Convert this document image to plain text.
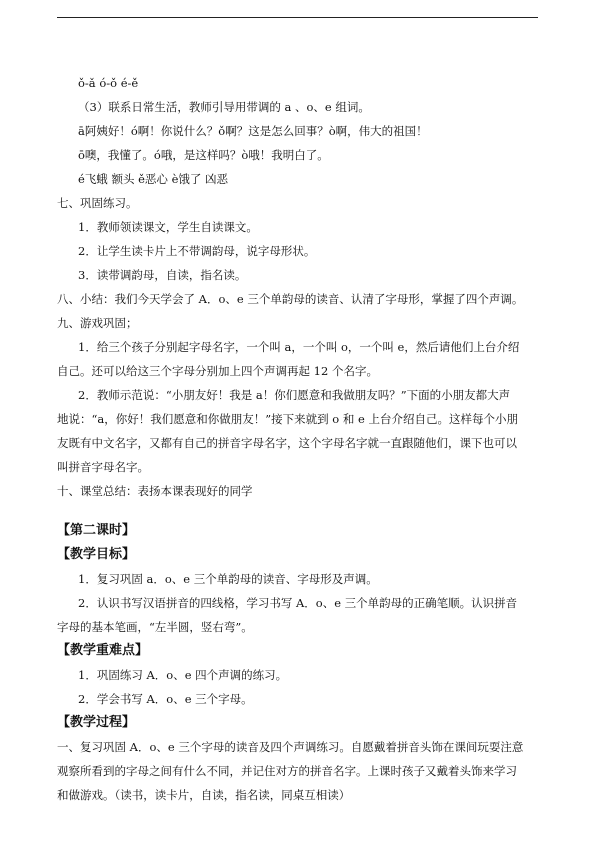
ǒ-ǎ ó-ǒ é-ě
（3）联系日常生活，教师引导用带调的 a 、o、e 组词。
ā阿姨好！ó啊！你说什么？ǒ啊？这是怎么回事？ò啊，伟大的祖国！
ō噢，我懂了。ó哦，是这样吗？ò哦！我明白了。
é飞蛾 额头 ě恶心 è饿了 凶恶
七、巩固练习。
1．教师领读课文，学生自读课文。
2．让学生读卡片上不带调韵母，说字母形状。
3．读带调韵母，自读，指名读。
八、小结：我们今天学会了 A．o、e 三个单韵母的读音、认清了字母形，掌握了四个声调。
九、游戏巩固；
1．给三个孩子分别起字母名字，一个叫 a，一个叫 o，一个叫 e，然后请他们上台介绍
自己。还可以给这三个字母分别加上四个声调再起 12 个名字。
2．教师示范说：“小朋友好！我是 a！你们愿意和我做朋友吗？”下面的小朋友都大声
地说：“a，你好！我们愿意和你做朋友！”接下来就到 o 和 e 上台介绍自己。这样每个小朋
友既有中文名字，又都有自己的拼音字母名字，这个字母名字就一直跟随他们，课下也可以
叫拼音字母名字。
十、课堂总结：表扬本课表现好的同学
【第二课时】
【教学目标】
1．复习巩固 a．o、e 三个单韵母的读音、字母形及声调。
2．认识书写汉语拼音的四线格，学习书写 A．o、e 三个单韵母的正确笔顺。认识拼音
字母的基本笔画，“左半圆，竖右弯”。
【教学重难点】
1．巩固练习 A．o、e 四个声调的练习。
2．学会书写 A．o、e 三个字母。
【教学过程】
一、复习巩固 A．o、e 三个字母的读音及四个声调练习。自愿戴着拼音头饰在课间玩耍注意
观察所看到的字母之间有什么不同，并记住对方的拼音名字。上课时孩子又戴着头饰来学习
和做游戏。（读书，读卡片，自读，指名读，同桌互相读）
